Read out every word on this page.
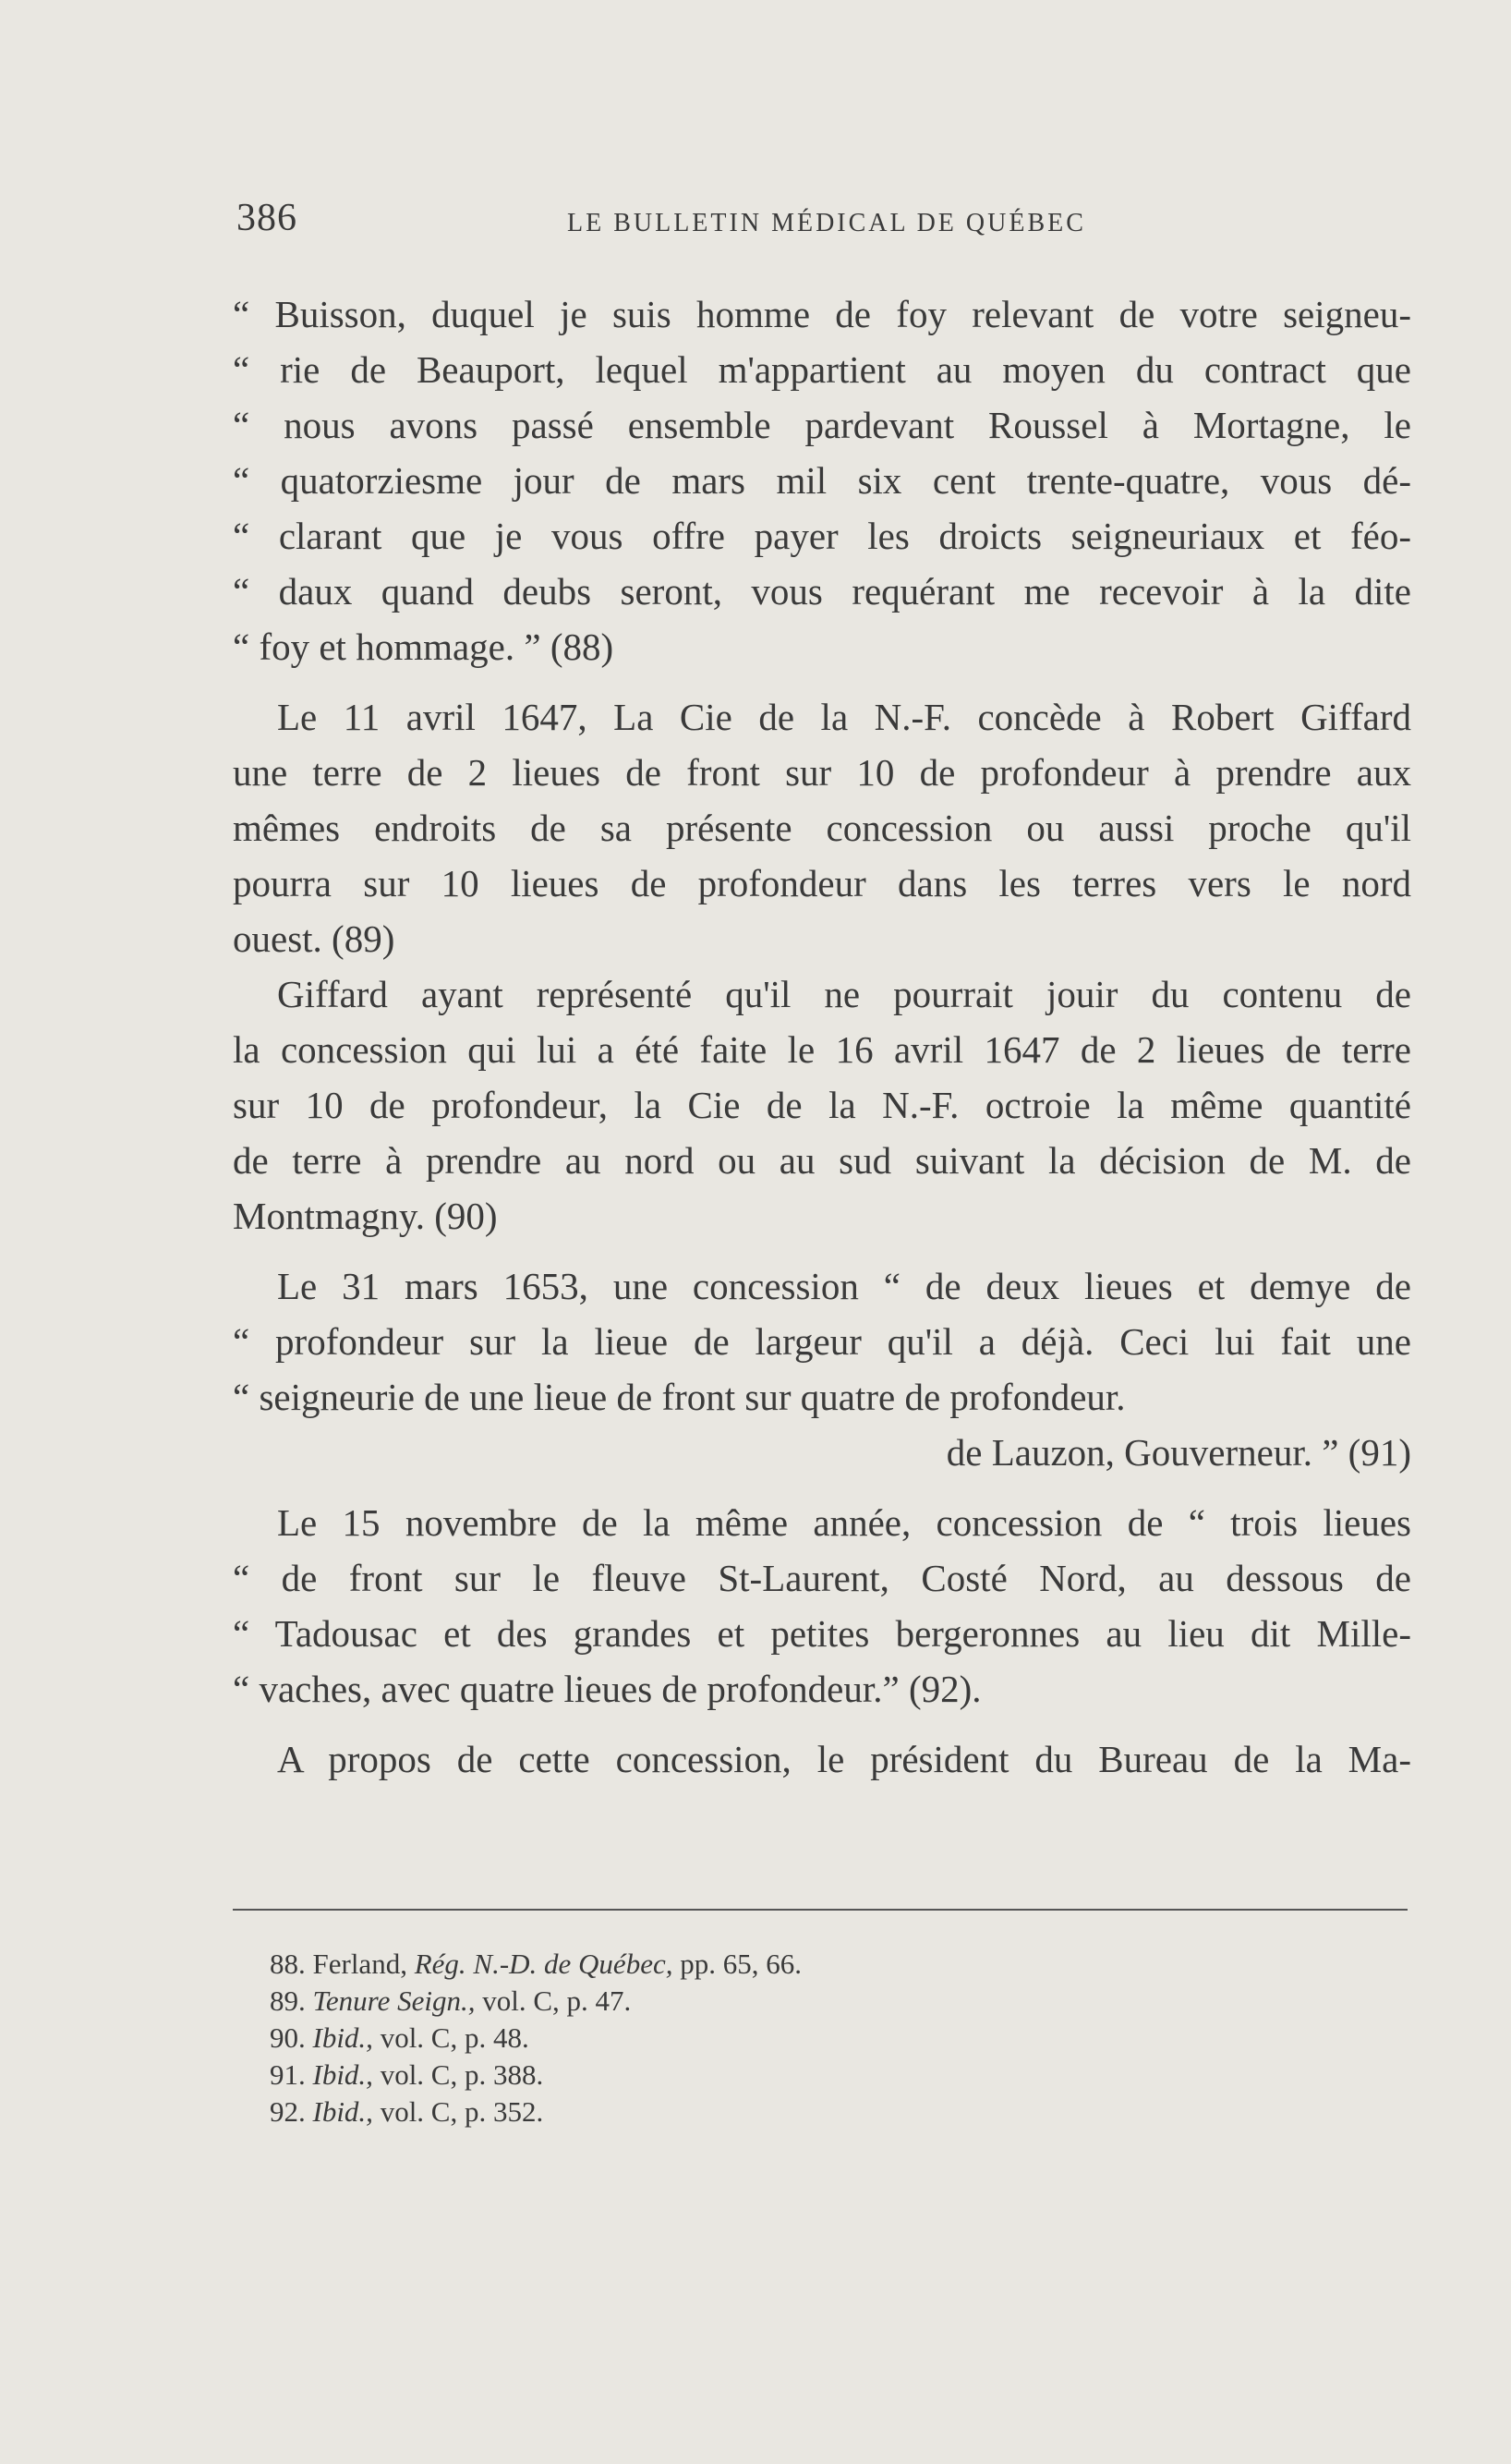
386	LE BULLETIN MÉDICAL DE QUÉBEC

“ Buisson, duquel je suis homme de foy relevant de votre seigneu-
“ rie de Beauport, lequel m'appartient au moyen du contract que
“ nous avons passé ensemble pardevant Roussel à Mortagne, le
“ quatorziesme jour de mars mil six cent trente-quatre, vous dé-
“ clarant que je vous offre payer les droicts seigneuriaux et féo-
“ daux quand deubs seront, vous requérant me recevoir à la dite
“ foy et hommage. ” (88)

Le 11 avril 1647, La Cie de la N.-F. concède à Robert Giffard
une terre de 2 lieues de front sur 10 de profondeur à prendre aux
mêmes endroits de sa présente concession ou aussi proche qu'il
pourra sur 10 lieues de profondeur dans les terres vers le nord
ouest. (89)

Giffard ayant représenté qu'il ne pourrait jouir du contenu de
la concession qui lui a été faite le 16 avril 1647 de 2 lieues de terre
sur 10 de profondeur, la Cie de la N.-F. octroie la même quantité
de terre à prendre au nord ou au sud suivant la décision de M. de
Montmagny. (90)

Le 31 mars 1653, une concession “ de deux lieues et demye de
“ profondeur sur la lieue de largeur qu'il a déjà. Ceci lui fait une
“ seigneurie de une lieue de front sur quatre de profondeur.
de Lauzon, Gouverneur. ” (91)

Le 15 novembre de la même année, concession de “ trois lieues
“ de front sur le fleuve St-Laurent, Costé Nord, au dessous de
“ Tadousac et des grandes et petites bergeronnes au lieu dit Mille-
“ vaches, avec quatre lieues de profondeur.” (92).

A propos de cette concession, le président du Bureau de la Ma-

88. Ferland, Rég. N.-D. de Québec, pp. 65, 66.
89. Tenure Seign., vol. C, p. 47.
90. Ibid., vol. C, p. 48.
91. Ibid., vol. C, p. 388.
92. Ibid., vol. C, p. 352.
